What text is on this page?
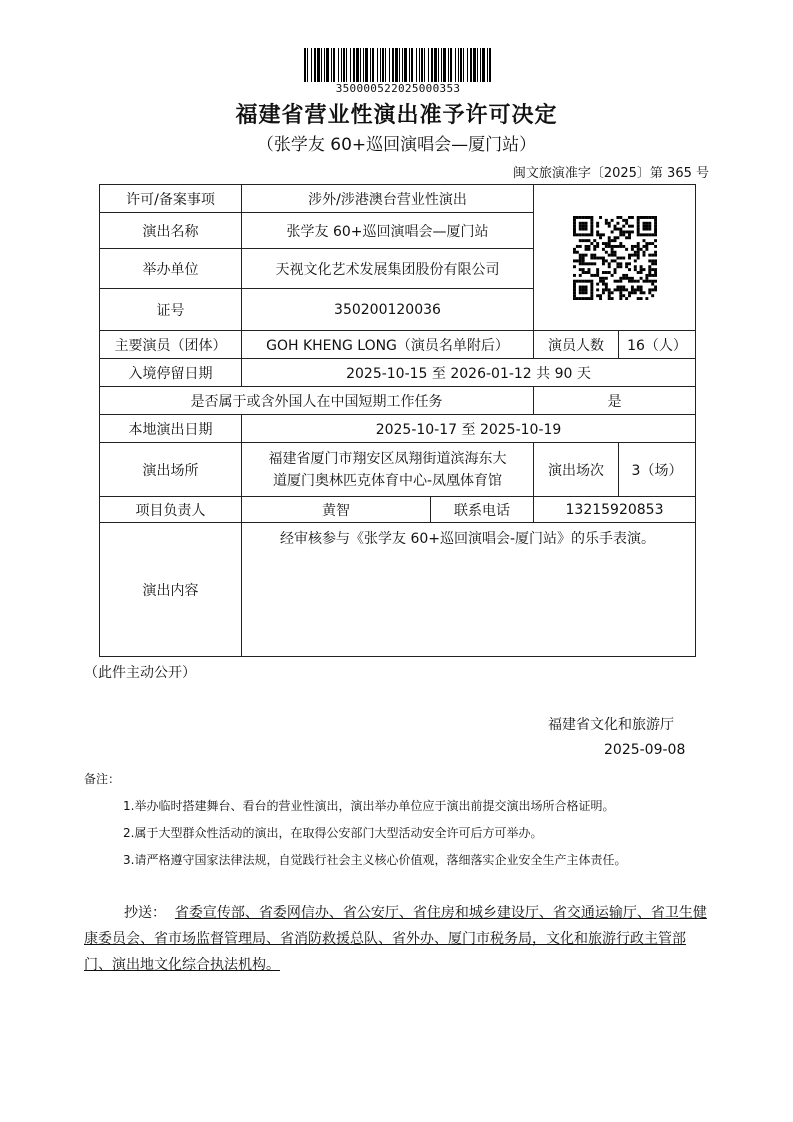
350000522025000353
福建省营业性演出准予许可决定
（张学友 60+巡回演唱会—厦门站）
闽文旅演准字〔2025〕第 365 号
许可/备案事项	涉外/涉港澳台营业性演出	

演出名称	张学友 60+巡回演唱会—厦门站			
举办单位	天视文化艺术发展集团股份有限公司			
证号	350200120036			
主要演员（团体）	GOH KHENG LONG（演员名单附后）		演员人数	16（人）
入境停留日期	2025-10-15 至 2026-01-12 共 90 天			
是否属于或含外国人在中国短期工作任务			是	
本地演出日期	2025-10-17 至 2025-10-19			
演出场所	福建省厦门市翔安区凤翔街道滨海东大
道厦门奥林匹克体育中心-凤凰体育馆		演出场次	3（场）
项目负责人	黄智	联系电话	13215920853	
演出内容	经审核参与《张学友 60+巡回演唱会-厦门站》的乐手表演。			
（此件主动公开）
福建省文化和旅游厅
2025-09-08
备注：
1.举办临时搭建舞台、看台的营业性演出，演出举办单位应于演出前提交演出场所合格证明。
2.属于大型群众性活动的演出，在取得公安部门大型活动安全许可后方可举办。
3.请严格遵守国家法律法规，自觉践行社会主义核心价值观，落细落实企业安全生产主体责任。
抄送： 省委宣传部、省委网信办、省公安厅、省住房和城乡建设厅、省交通运输厅、省卫生健康委员会、省市场监督管理局、省消防救援总队、省外办、厦门市税务局，文化和旅游行政主管部门、演出地文化综合执法机构。
